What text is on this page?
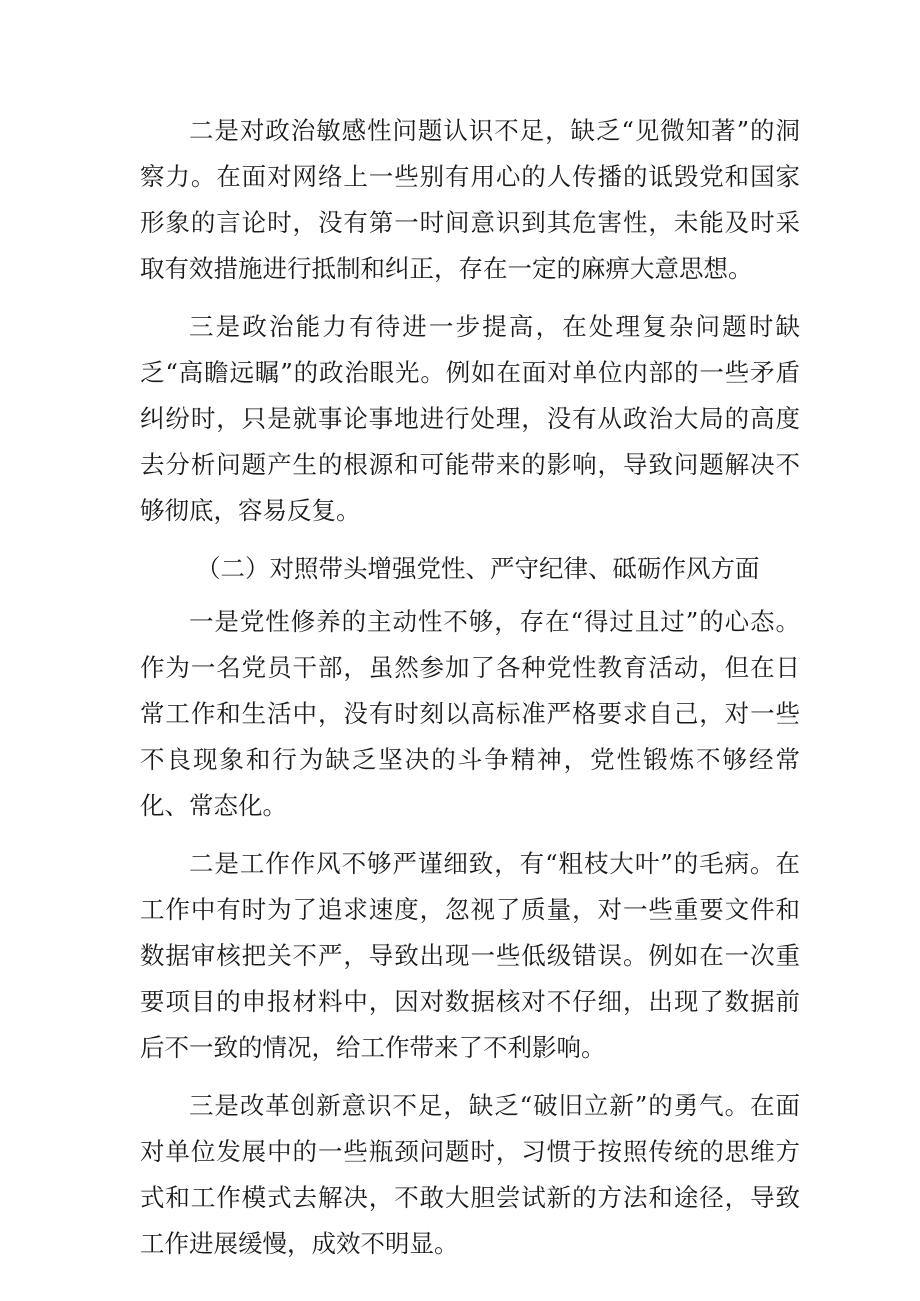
二是对政治敏感性问题认识不足，缺乏“见微知著”的洞察力。在面对网络上一些别有用心的人传播的诋毁党和国家形象的言论时，没有第一时间意识到其危害性，未能及时采取有效措施进行抵制和纠正，存在一定的麻痹大意思想。

三是政治能力有待进一步提高，在处理复杂问题时缺乏“高瞻远瞩”的政治眼光。例如在面对单位内部的一些矛盾纠纷时，只是就事论事地进行处理，没有从政治大局的高度去分析问题产生的根源和可能带来的影响，导致问题解决不够彻底，容易反复。

（二）对照带头增强党性、严守纪律、砥砺作风方面

一是党性修养的主动性不够，存在“得过且过”的心态。作为一名党员干部，虽然参加了各种党性教育活动，但在日常工作和生活中，没有时刻以高标准严格要求自己，对一些不良现象和行为缺乏坚决的斗争精神，党性锻炼不够经常化、常态化。

二是工作作风不够严谨细致，有“粗枝大叶”的毛病。在工作中有时为了追求速度，忽视了质量，对一些重要文件和数据审核把关不严，导致出现一些低级错误。例如在一次重要项目的申报材料中，因对数据核对不仔细，出现了数据前后不一致的情况，给工作带来了不利影响。

三是改革创新意识不足，缺乏“破旧立新”的勇气。在面对单位发展中的一些瓶颈问题时，习惯于按照传统的思维方式和工作模式去解决，不敢大胆尝试新的方法和途径，导致工作进展缓慢，成效不明显。
